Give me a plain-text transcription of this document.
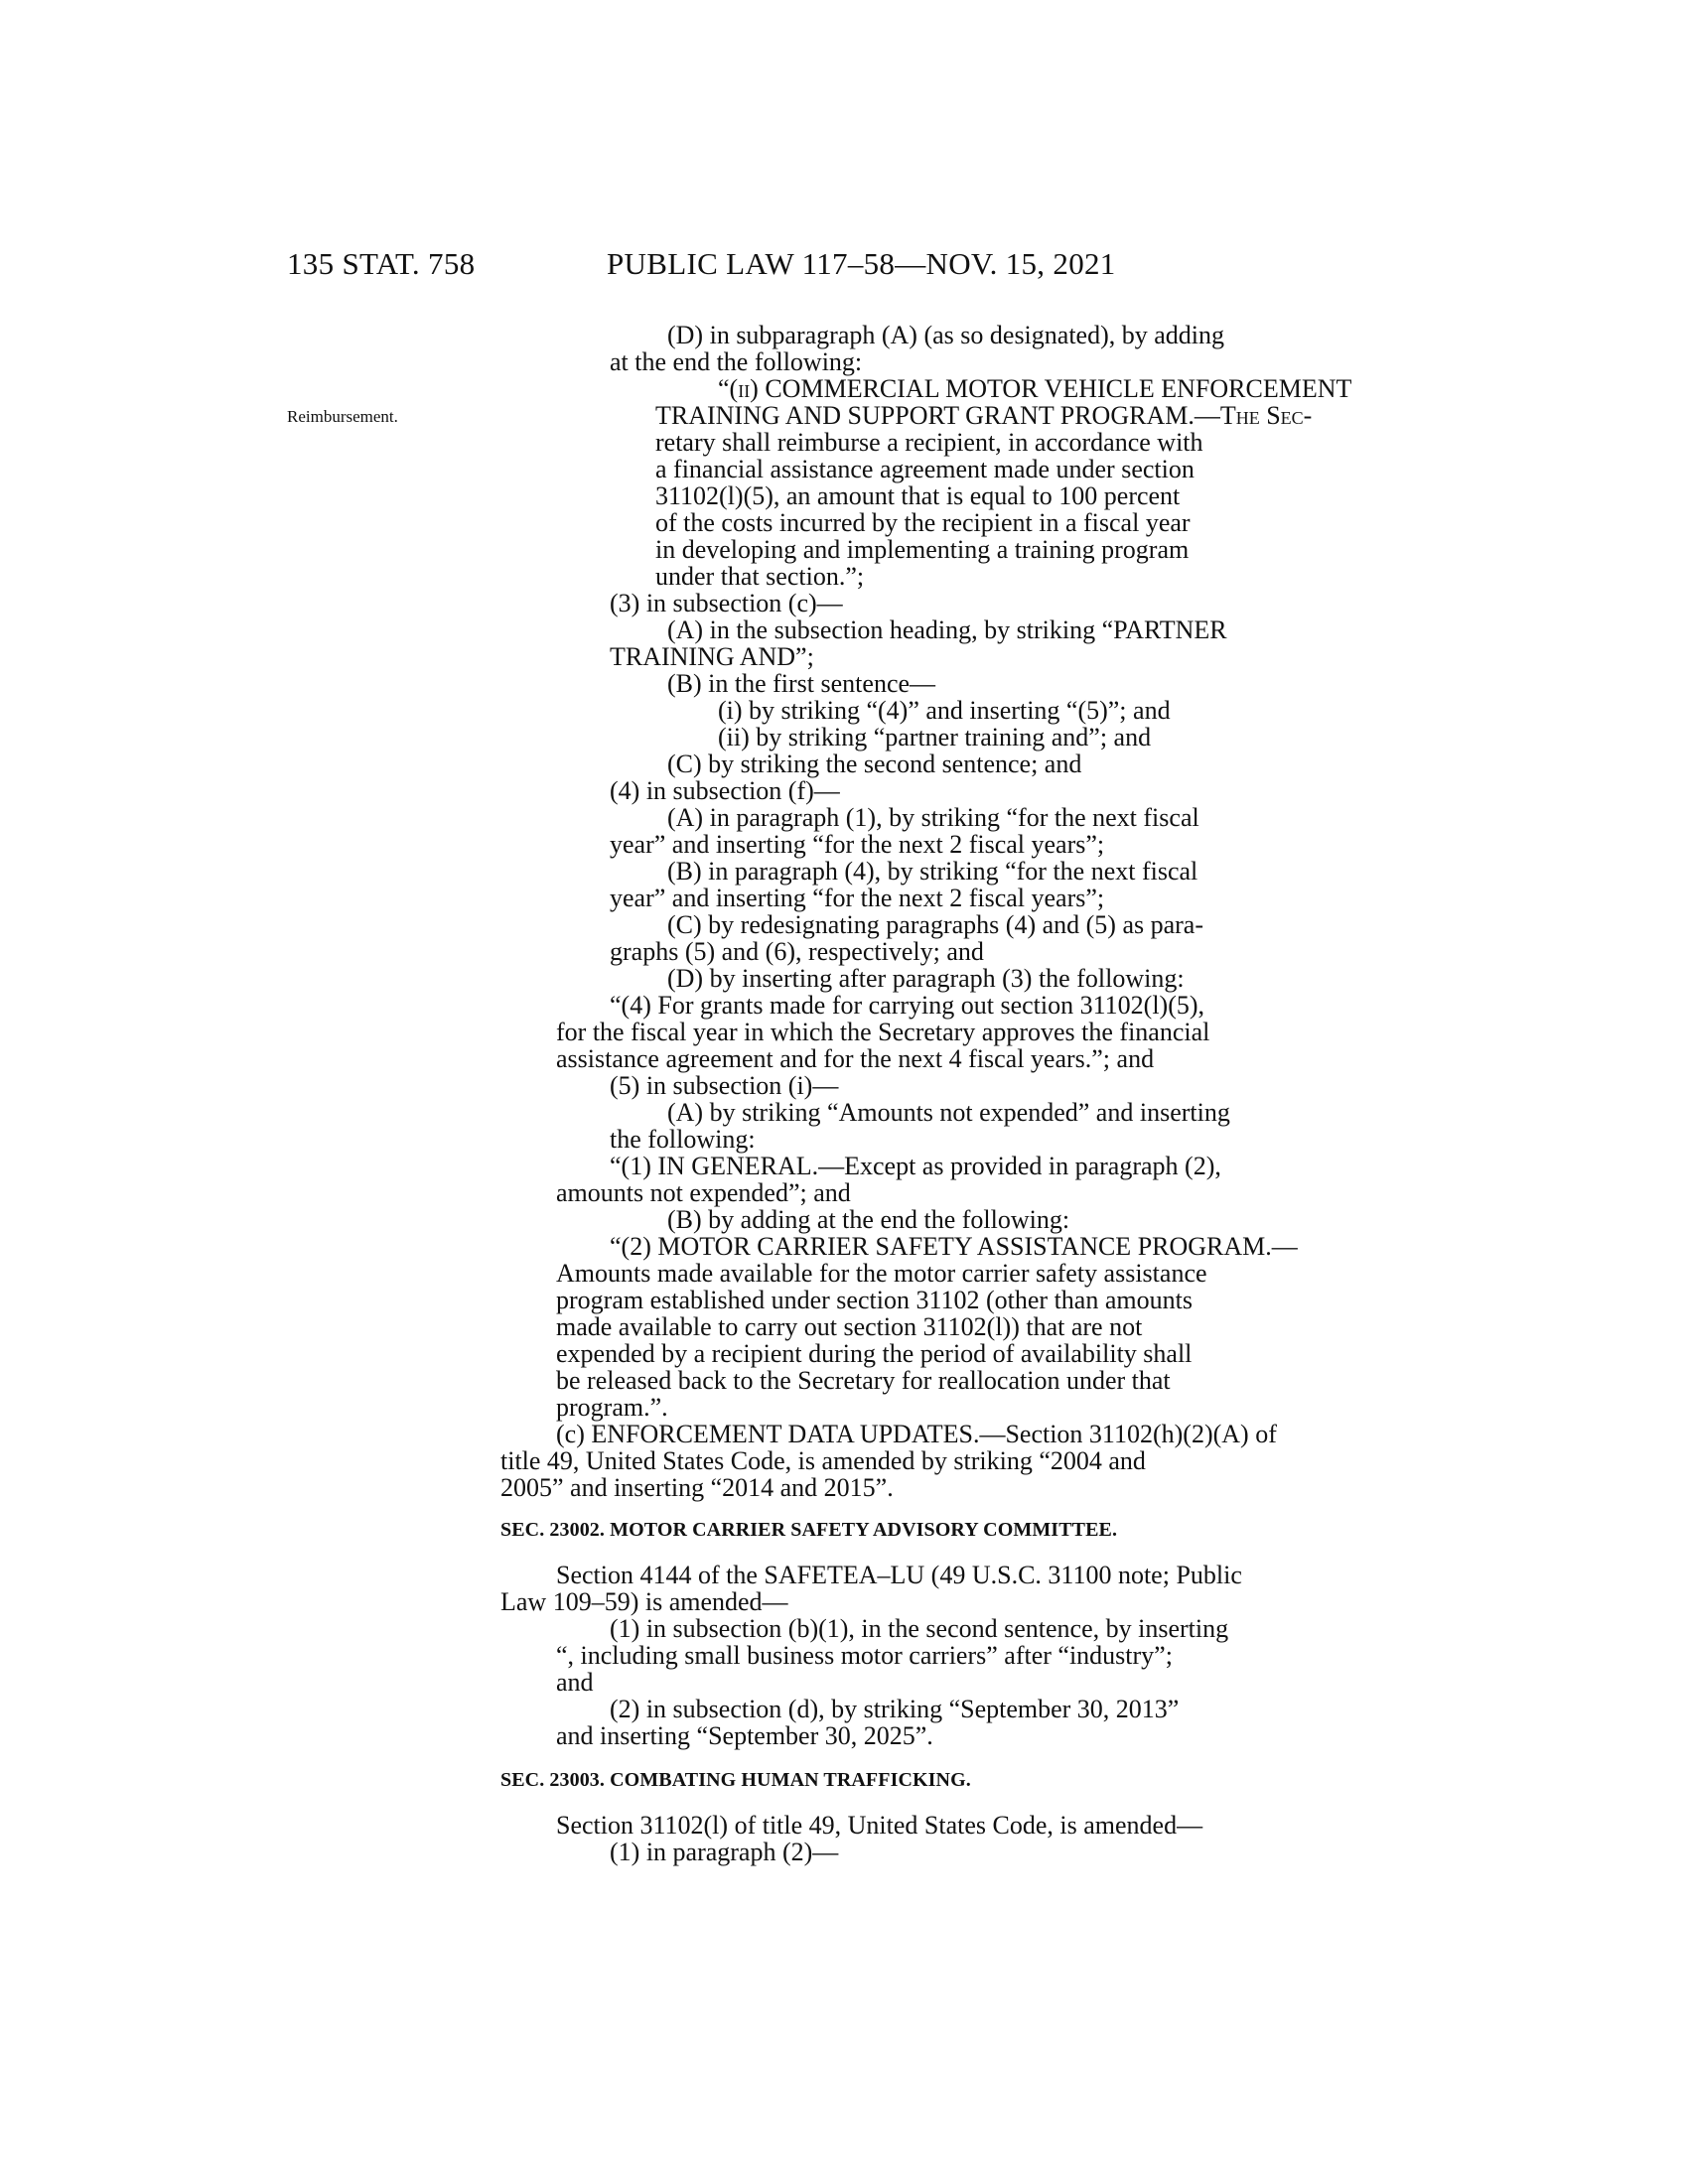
135 STAT. 758	PUBLIC LAW 117–58—NOV. 15, 2021
Reimbursement.
(D) in subparagraph (A) (as so designated), by adding
at the end the following:
“(ii) COMMERCIAL MOTOR VEHICLE ENFORCEMENT
TRAINING AND SUPPORT GRANT PROGRAM.—The Sec-
retary shall reimburse a recipient, in accordance with
a financial assistance agreement made under section
31102(l)(5), an amount that is equal to 100 percent
of the costs incurred by the recipient in a fiscal year
in developing and implementing a training program
under that section.”;
(3) in subsection (c)—
(A) in the subsection heading, by striking “PARTNER
TRAINING AND”;
(B) in the first sentence—
(i) by striking “(4)” and inserting “(5)”; and
(ii) by striking “partner training and”; and
(C) by striking the second sentence; and
(4) in subsection (f)—
(A) in paragraph (1), by striking “for the next fiscal
year” and inserting “for the next 2 fiscal years”;
(B) in paragraph (4), by striking “for the next fiscal
year” and inserting “for the next 2 fiscal years”;
(C) by redesignating paragraphs (4) and (5) as para-
graphs (5) and (6), respectively; and
(D) by inserting after paragraph (3) the following:
“(4) For grants made for carrying out section 31102(l)(5),
for the fiscal year in which the Secretary approves the financial
assistance agreement and for the next 4 fiscal years.”; and
(5) in subsection (i)—
(A) by striking “Amounts not expended” and inserting
the following:
“(1) IN GENERAL.—Except as provided in paragraph (2),
amounts not expended”; and
(B) by adding at the end the following:
“(2) MOTOR CARRIER SAFETY ASSISTANCE PROGRAM.—
Amounts made available for the motor carrier safety assistance
program established under section 31102 (other than amounts
made available to carry out section 31102(l)) that are not
expended by a recipient during the period of availability shall
be released back to the Secretary for reallocation under that
program.”.
(c) ENFORCEMENT DATA UPDATES.—Section 31102(h)(2)(A) of
title 49, United States Code, is amended by striking “2004 and
2005” and inserting “2014 and 2015”.
SEC. 23002. MOTOR CARRIER SAFETY ADVISORY COMMITTEE.
Section 4144 of the SAFETEA–LU (49 U.S.C. 31100 note; Public
Law 109–59) is amended—
(1) in subsection (b)(1), in the second sentence, by inserting
“, including small business motor carriers” after “industry”;
and
(2) in subsection (d), by striking “September 30, 2013”
and inserting “September 30, 2025”.
SEC. 23003. COMBATING HUMAN TRAFFICKING.
Section 31102(l) of title 49, United States Code, is amended—
(1) in paragraph (2)—
